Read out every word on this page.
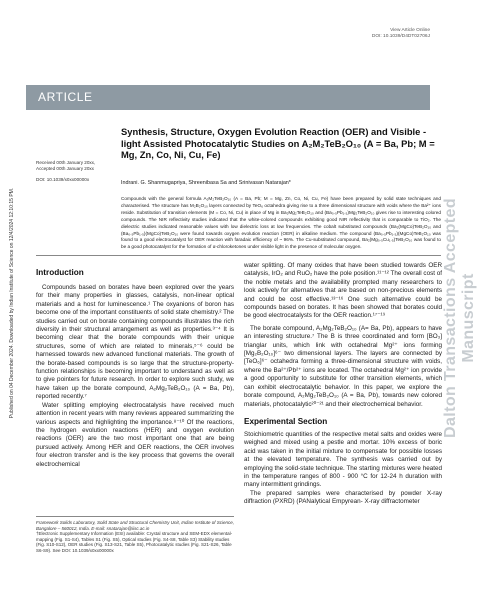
View Article Online
DOI: 10.1039/D4DT02706J
ARTICLE
Published on 04 December 2024. Downloaded by Indian Institute of Science on 12/4/2024 12:10:15 PM.	Dalton Transactions Accepted Manuscript
Received 00th January 20xx,
Accepted 00th January 20xx
DOI: 10.1039/x0xx00000x
Synthesis, Structure, Oxygen Evolution Reaction (OER) and Visible - light Assisted Photocatalytic Studies on A₂M₂TeB₂O₁₀ (A = Ba, Pb; M = Mg, Zn, Co, Ni, Cu, Fe)
Indrani. G. Shanmugapriya, Shreenibasa Sa and Srinivasan Natarajan*
Compounds with the general formula A₂M₂TeB₂O₁₀ (A = Ba, Pb; M = Mg, Zn, Co, Ni, Cu, Fe) have been prepared by solid state techniques and characterised. The structure has M₂B₂O₁₀ layers connected by TeO₆ octahedra giving rise to a three dimensional structure with voids where the Ba²⁺ ions reside. Substitution of transition elements (M = Co, Ni, Cu) in place of Mg in Ba₂Mg₂TeB₂O₁₀ and (Ba₀.₅Pb₁.₅)Mg₂TeB₂O₁₀ gives rise to interesting colored compounds. The NIR reflectivity studies indicated that the white-colored compounds exhibiting good NIR reflectivity that is comparable to TiO₂. The dielectric studies indicated reasonable values with low dielectric loss at low frequencies. The cobalt substituted compounds (Ba₂(MgCo)TeB₂O₁₀ and (Ba₀.₅Pb₁.₅)(MgCo)TeB₂O₁₀ were found towards oxygen evolution reaction (OER) in alkaline medium. The compound (Ba₀.₅Pb₁.₅)(MgCo)TeB₂O₁₀ was found to a good electrocatalyst for OER reaction with faradaic efficiency of ~ 96%. The Cu-substituted compound, Ba₂(Mg₀.₅Cu₁.₅)TeB₂O₁₀ was found to be a good photocatalyst for the formation of α-chloroketones under visible light in the presence of molecular oxygen.
Introduction

Compounds based on borates have been explored over the years for their many properties in glasses, catalysis, non-linear optical materials and a host for luminescence.¹ The oxyanions of boron has become one of the important constituents of solid state chemistry.² The studies carried out on borate containing compounds illustrates the rich diversity in their structural arrangement as well as properties.³⁻⁴ It is becoming clear that the borate compounds with their unique structures, some of which are related to minerals,⁵⁻⁶ could be harnessed towards new advanced functional materials. The growth of the borate-based compounds is so large that the structure-property-function relationships is becoming important to understand as well as to give pointers for future research. In order to explore such study, we have taken up the borate compound, A₂Mg₂TeB₂O₁₀ (A = Ba, Pb), reported recently.⁷

Water splitting employing electrocatalysis have received much attention in recent years with many reviews appeared summarizing the various aspects and highlighting the importance.⁸⁻¹⁰ Of the reactions, the hydrogen evolution reactions (HER) and oxygen evolution reactions (OER) are the two most important one that are being pursued actively. Among HER and OER reactions, the OER involves four electron transfer and is the key process that governs the overall electrochemical

water splitting. Of many oxides that have been studied towards OER catalysis, IrO₂ and RuO₂ have the pole position.¹¹⁻¹² The overall cost of the noble metals and the availability prompted many researchers to look actively for alternatives that are based on non-precious elements and could be cost effective.¹³⁻¹⁶ One such alternative could be compounds based on borates. It has been showed that borates could be good electrocatalysts for the OER reaction.¹⁷⁻¹⁹

The borate compound, A₂Mg₂TeB₂O₁₀ (A= Ba, Pb), appears to have an interesting structure.⁷ The B is three coordinated and form [BO₃] trianglar units, which link with octahedral Mg²⁺ ions forming [Mg₂B₂O₁₀]⁶⁻ two dimensional layers. The layers are connected by [TeO₆]⁶⁻ octahedra forming a three-dimensional structure with voids, where the Ba²⁺/Pb²⁺ ions are located. The octahedral Mg²⁺ ion provide a good opportunity to substitute for other transition elements, which can exhibit electrocatalytic behavior. In this paper, we explore the borate compound, A₂Mg₂TeB₂O₁₀ (A = Ba, Pb), towards new colored materials, photocatalytic²⁰⁻²¹ and their electrochemical behavior.

Experimental Section

Stoichiometric quantities of the respective metal salts and oxides were weighed and mixed using a pestle and mortar. 10% excess of boric acid was taken in the initial mixture to compensate for possible losses at the elevated temperature. The synthesis was carried out by employing the solid-state technique. The starting mixtures were heated in the temperature ranges of 800 - 900 °C for 12-24 h duration with many intermittent grindings.

The prepared samples were characterised by powder X-ray diffraction (PXRD) (PANalytical Empyrean- X-ray diffractometer

Framework Solids Laboratory, Solid State and Structural Chemistry Unit, Indian Institute of Science, Bangalore – 560012, India. E-mail: snatarajan@iisc.ac.in
†Electronic Supplementary Information (ESI) available: Crystal structure and SEM-EDX elemental-mapping (Fig. S1-S4), Tables S1 (Fig. S5), Optical studies (Fig. S4-S8, Table S3) Stability studies (Fig. S10-S12), OER studies (Fig. S13-S21, Table S5), Photocatalytic studies (Fig. S21-S26, Table S6-S9). See DOI: 10.1039/x0xx00000x
